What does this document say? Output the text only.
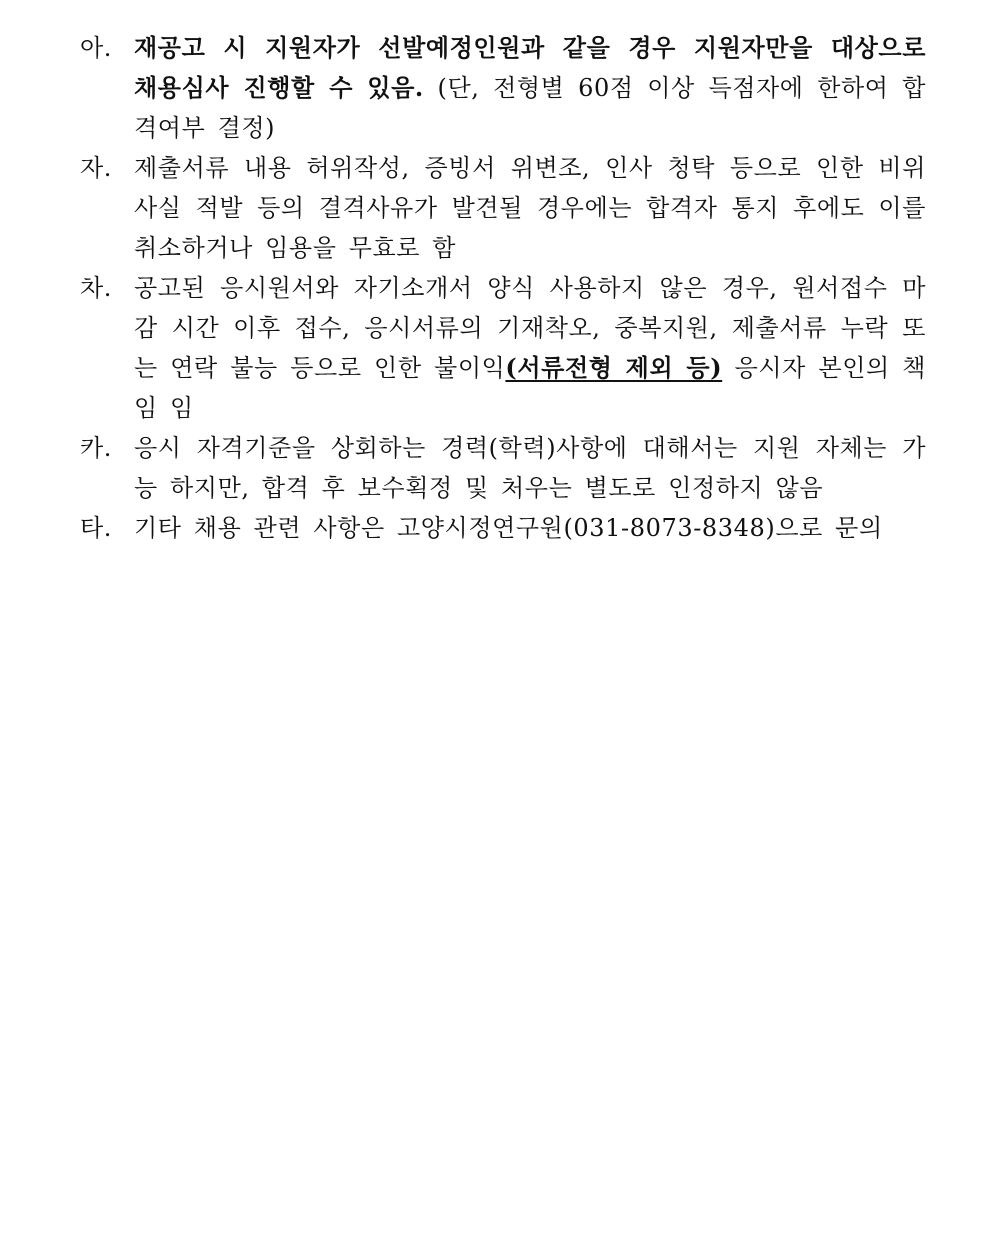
아. 재공고 시 지원자가 선발예정인원과 같을 경우 지원자만을 대상으로 채용심사 진행할 수 있음. (단, 전형별 60점 이상 득점자에 한하여 합격여부 결정)
자. 제출서류 내용 허위작성, 증빙서 위변조, 인사 청탁 등으로 인한 비위 사실 적발 등의 결격사유가 발견될 경우에는 합격자 통지 후에도 이를 취소하거나 임용을 무효로 함
차. 공고된 응시원서와 자기소개서 양식 사용하지 않은 경우, 원서접수 마감 시간 이후 접수, 응시서류의 기재착오, 중복지원, 제출서류 누락 또는 연락 불능 등으로 인한 불이익(서류전형 제외 등) 응시자 본인의 책임 임
카. 응시 자격기준을 상회하는 경력(학력)사항에 대해서는 지원 자체는 가능 하지만, 합격 후 보수획정 및 처우는 별도로 인정하지 않음
타. 기타 채용 관련 사항은 고양시정연구원(031-8073-8348)으로 문의
